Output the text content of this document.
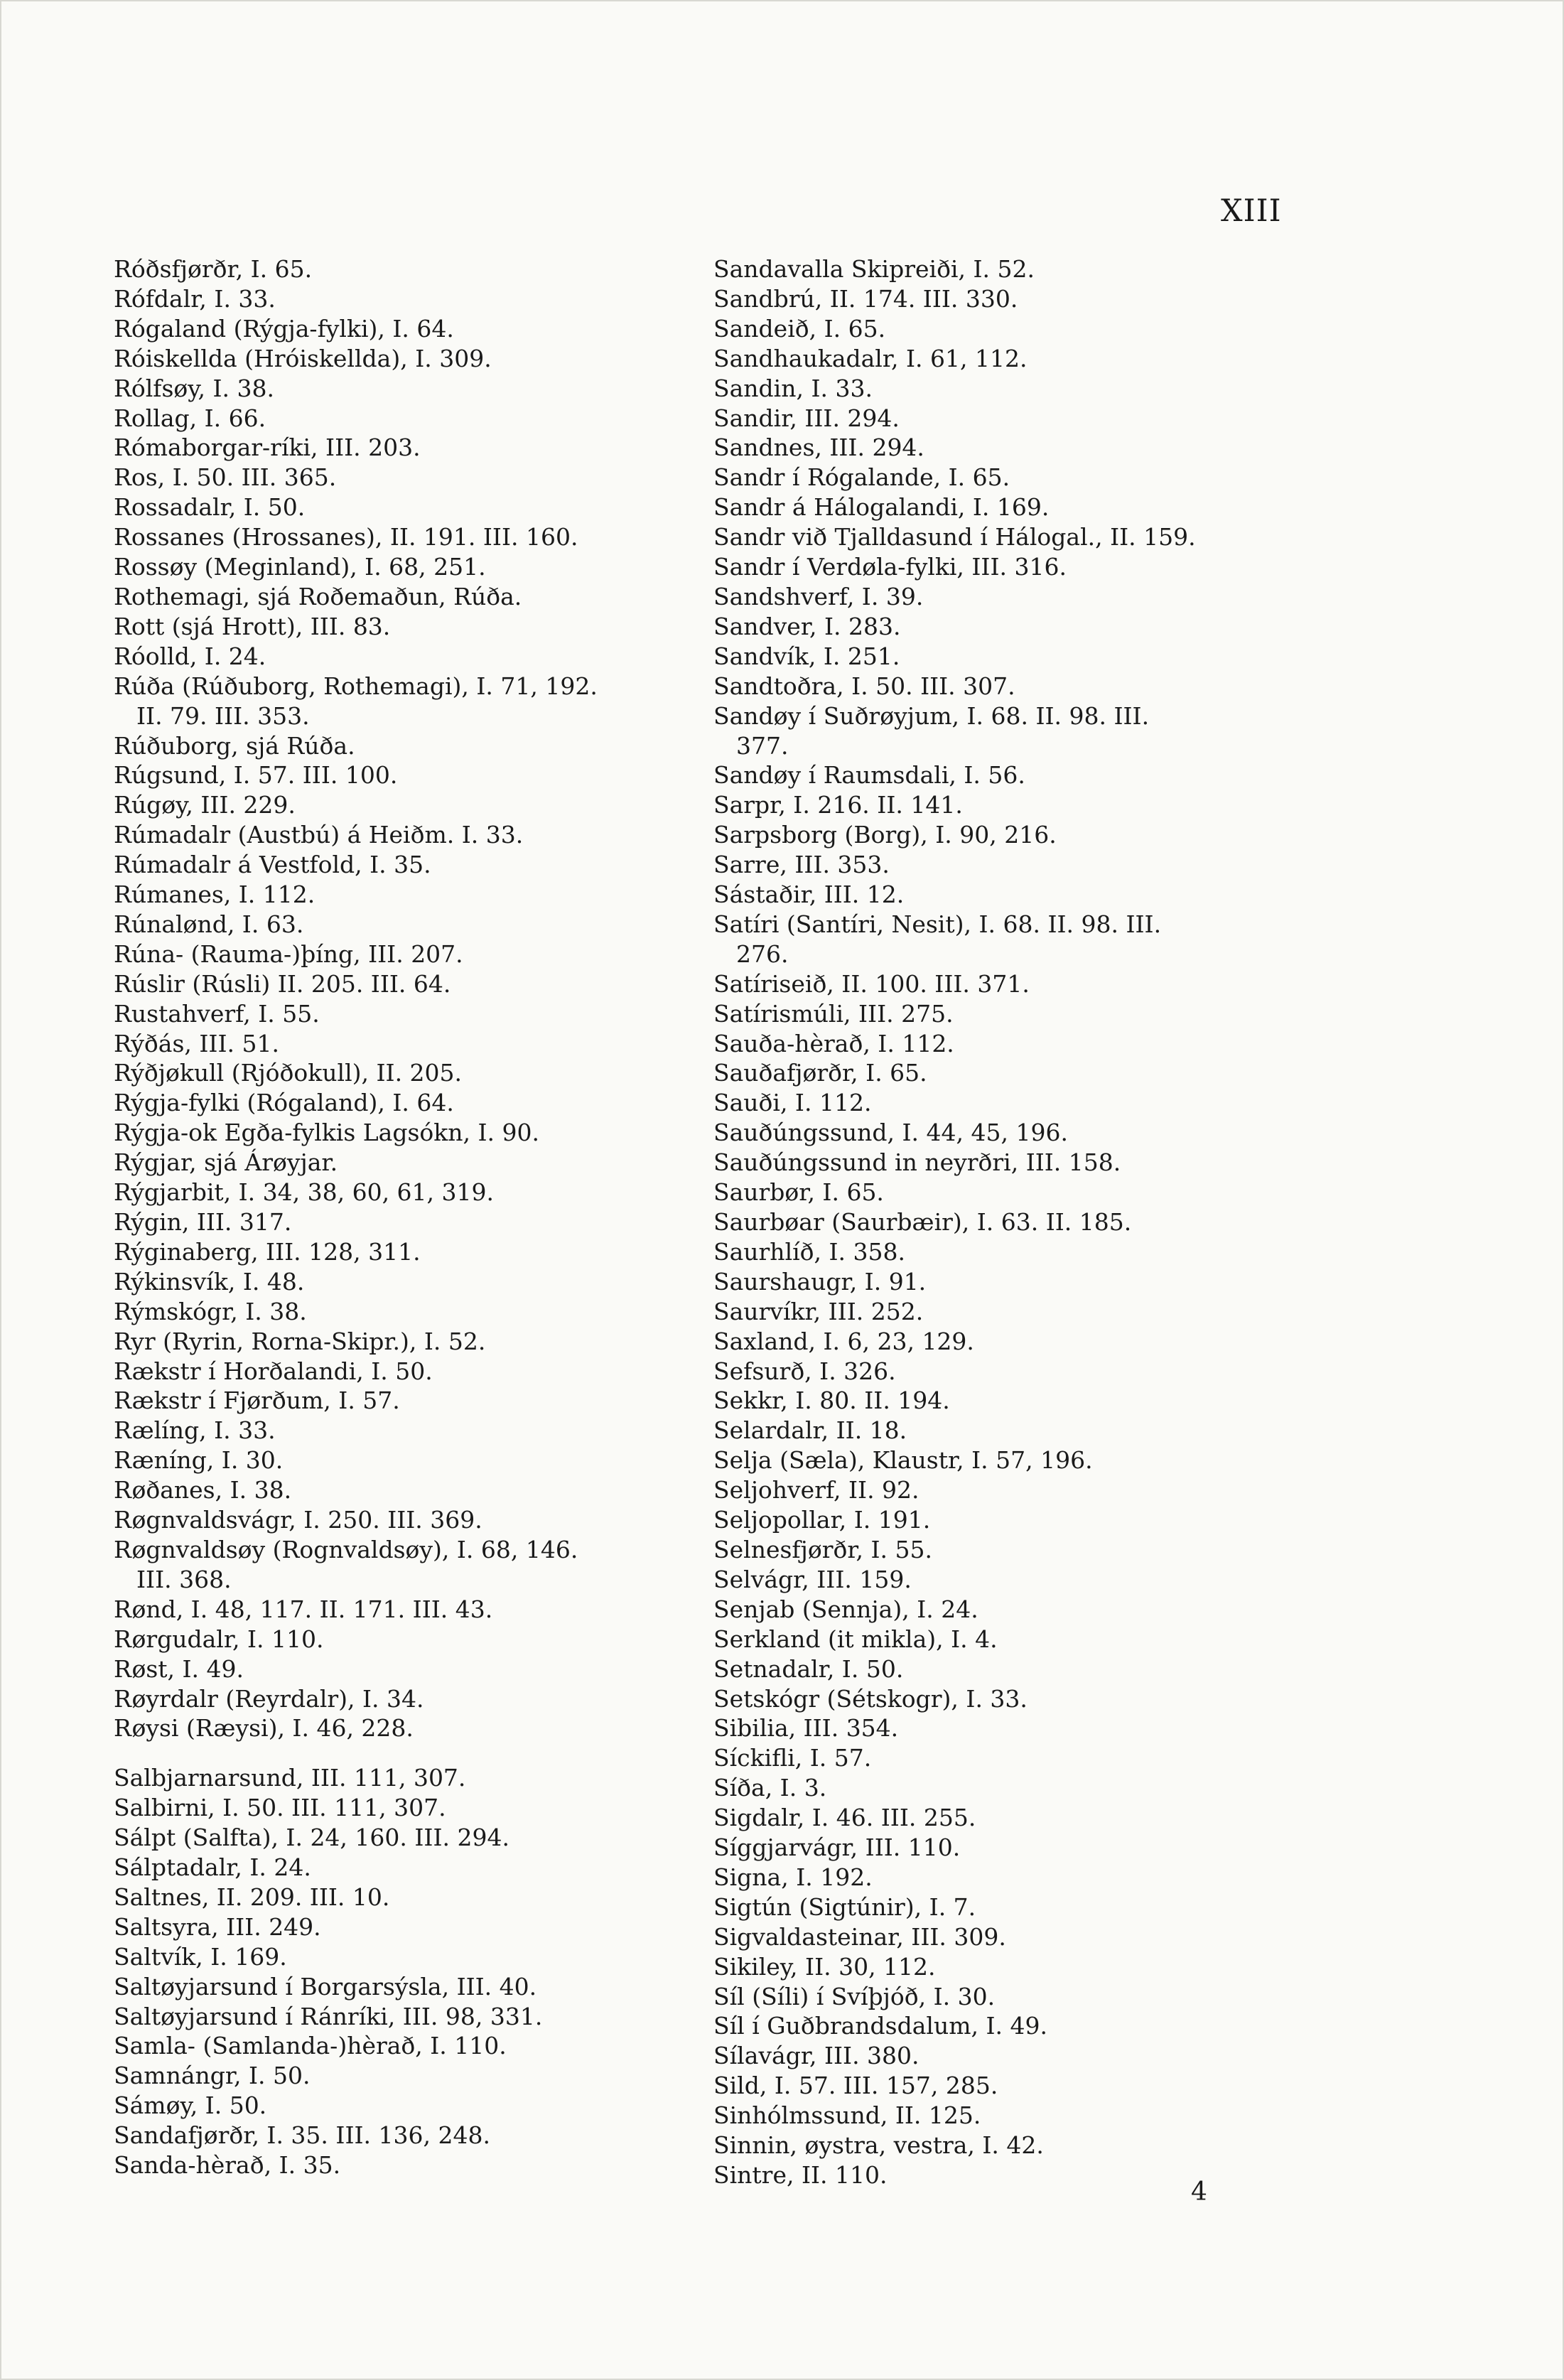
XIII
Róðsfjørðr, I. 65.
Rófdalr, I. 33.
Rógaland (Rýgja-fylki), I. 64.
Róiskellda (Hróiskellda), I. 309.
Rólfsøy, I. 38.
Rollag, I. 66.
Rómaborgar-ríki, III. 203.
Ros, I. 50. III. 365.
Rossadalr, I. 50.
Rossanes (Hrossanes), II. 191. III. 160.
Rossøy (Meginland), I. 68, 251.
Rothemagi, sjá Roðemaðun, Rúða.
Rott (sjá Hrott), III. 83.
Róolld, I. 24.
Rúða (Rúðuborg, Rothemagi), I. 71, 192.
II. 79. III. 353.
Rúðuborg, sjá Rúða.
Rúgsund, I. 57. III. 100.
Rúgøy, III. 229.
Rúmadalr (Austbú) á Heiðm. I. 33.
Rúmadalr á Vestfold, I. 35.
Rúmanes, I. 112.
Rúnalønd, I. 63.
Rúna- (Rauma-)þíng, III. 207.
Rúslir (Rúsli) II. 205. III. 64.
Rustahverf, I. 55.
Rýðás, III. 51.
Rýðjøkull (Rjóðokull), II. 205.
Rýgja-fylki (Rógaland), I. 64.
Rýgja-ok Egða-fylkis Lagsókn, I. 90.
Rýgjar, sjá Árøyjar.
Rýgjarbit, I. 34, 38, 60, 61, 319.
Rýgin, III. 317.
Rýginaberg, III. 128, 311.
Rýkinsvík, I. 48.
Rýmskógr, I. 38.
Ryr (Ryrin, Rorna-Skipr.), I. 52.
Rækstr í Horðalandi, I. 50.
Rækstr í Fjørðum, I. 57.
Rælíng, I. 33.
Ræníng, I. 30.
Røðanes, I. 38.
Røgnvaldsvágr, I. 250. III. 369.
Røgnvaldsøy (Rognvaldsøy), I. 68, 146.
III. 368.
Rønd, I. 48, 117. II. 171. III. 43.
Rørgudalr, I. 110.
Røst, I. 49.
Røyrdalr (Reyrdalr), I. 34.
Røysi (Ræysi), I. 46, 228.
Salbjarnarsund, III. 111, 307.
Salbirni, I. 50. III. 111, 307.
Sálpt (Salfta), I. 24, 160. III. 294.
Sálptadalr, I. 24.
Saltnes, II. 209. III. 10.
Saltsyra, III. 249.
Saltvík, I. 169.
Saltøyjarsund í Borgarsýsla, III. 40.
Saltøyjarsund í Ránríki, III. 98, 331.
Samla- (Samlanda-)hèrað, I. 110.
Samnángr, I. 50.
Sámøy, I. 50.
Sandafjørðr, I. 35. III. 136, 248.
Sanda-hèrað, I. 35.
Sandavalla Skipreiði, I. 52.
Sandbrú, II. 174. III. 330.
Sandeið, I. 65.
Sandhaukadalr, I. 61, 112.
Sandin, I. 33.
Sandir, III. 294.
Sandnes, III. 294.
Sandr í Rógalande, I. 65.
Sandr á Hálogalandi, I. 169.
Sandr við Tjalldasund í Hálogal., II. 159.
Sandr í Verdøla-fylki, III. 316.
Sandshverf, I. 39.
Sandver, I. 283.
Sandvík, I. 251.
Sandtoðra, I. 50. III. 307.
Sandøy í Suðrøyjum, I. 68. II. 98. III.
377.
Sandøy í Raumsdali, I. 56.
Sarpr, I. 216. II. 141.
Sarpsborg (Borg), I. 90, 216.
Sarre, III. 353.
Sástaðir, III. 12.
Satíri (Santíri, Nesit), I. 68. II. 98. III.
276.
Satíriseið, II. 100. III. 371.
Satírismúli, III. 275.
Sauða-hèrað, I. 112.
Sauðafjørðr, I. 65.
Sauði, I. 112.
Sauðúngssund, I. 44, 45, 196.
Sauðúngssund in neyrðri, III. 158.
Saurbør, I. 65.
Saurbøar (Saurbæir), I. 63. II. 185.
Saurhlíð, I. 358.
Saurshaugr, I. 91.
Saurvíkr, III. 252.
Saxland, I. 6, 23, 129.
Sefsurð, I. 326.
Sekkr, I. 80. II. 194.
Selardalr, II. 18.
Selja (Sæla), Klaustr, I. 57, 196.
Seljohverf, II. 92.
Seljopollar, I. 191.
Selnesfjørðr, I. 55.
Selvágr, III. 159.
Senjab (Sennja), I. 24.
Serkland (it mikla), I. 4.
Setnadalr, I. 50.
Setskógr (Sétskogr), I. 33.
Sibilia, III. 354.
Síckifli, I. 57.
Síða, I. 3.
Sigdalr, I. 46. III. 255.
Síggjarvágr, III. 110.
Signa, I. 192.
Sigtún (Sigtúnir), I. 7.
Sigvaldasteinar, III. 309.
Sikiley, II. 30, 112.
Síl (Síli) í Svíþjóð, I. 30.
Síl í Guðbrandsdalum, I. 49.
Sílavágr, III. 380.
Sild, I. 57. III. 157, 285.
Sinhólmssund, II. 125.
Sinnin, øystra, vestra, I. 42.
Sintre, II. 110.
4
